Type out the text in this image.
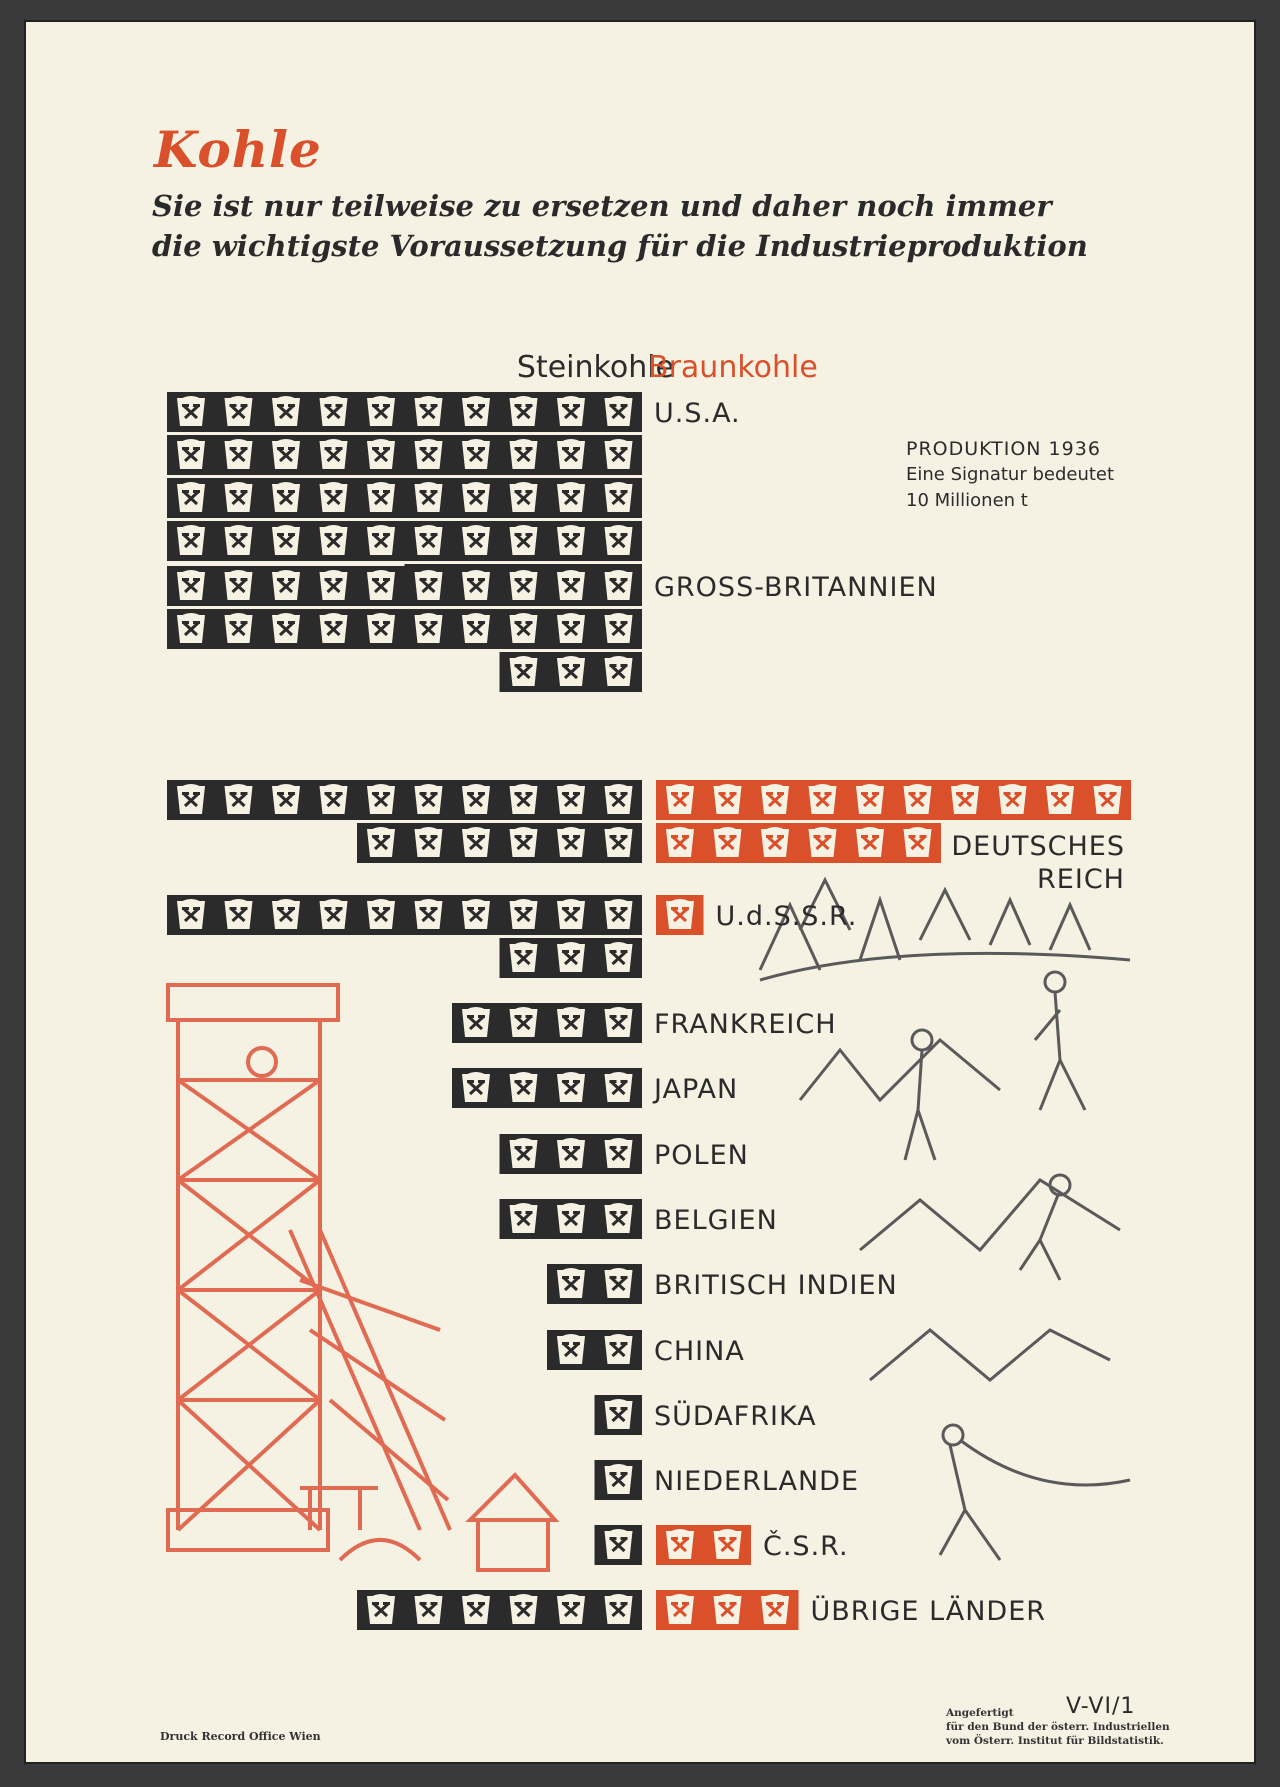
Kohle
Sie ist nur teilweise zu ersetzen und daher noch immer
die wichtigste Voraussetzung für die Industrieproduktion
Steinkohle
Braunkohle
PRODUKTION 1936
Eine Signatur bedeutet
10 Millionen t
Druck Record Office Wien
Angefertigt
für den Bund der österr. Industriellen
vom Österr. Institut für Bildstatistik.
V-VI/1
U.S.A.
GROSS-BRITANNIEN
DEUTSCHES REICH
U.d.S.S.R.
FRANKREICH
JAPAN
POLEN
BELGIEN
BRITISCH INDIEN
CHINA
SÜDAFRIKA
NIEDERLANDE
Č.S.R.
ÜBRIGE LÄNDER
